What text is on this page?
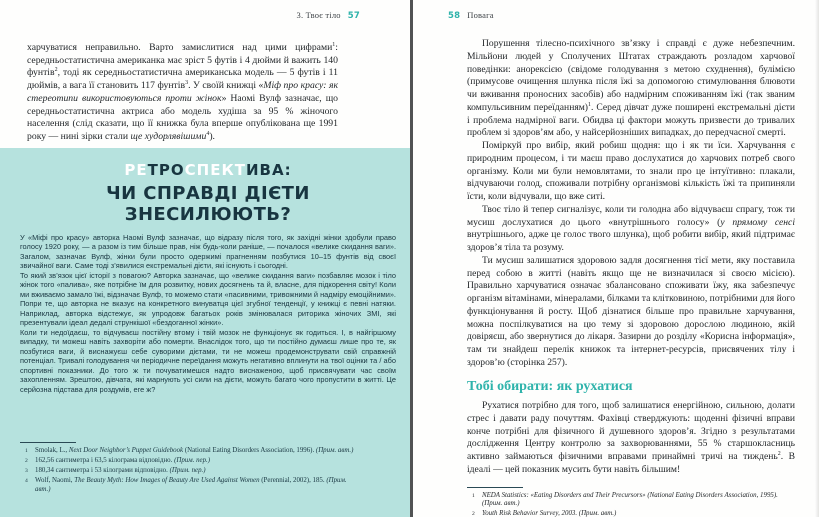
3. Твоє тіло 57
харчуватися неправильно. Варто замислитися над цими цифрами$^1$: середньостатистична американка має зріст 5 футів і 4 дюйми й важить 140 фунтів$^2$, тоді як середньостатистична американська модель — 5 футів і 11 дюймів, а вага її становить 117 фунтів$^3$. У своїй книжці «Міф про красу: як стереотипи використовуються проти жінок» Наомі Вулф зазначає, що середньостатистична актриса або модель худіша за 95 % жіночого населення (слід сказати, що її книжка була вперше опублікована ще 1991 року — нині зірки стали ще худорлявішими$^4$).
РЕТРОСПЕКТИВА:
ЧИ СПРАВДІ ДІЄТИ ЗНЕСИЛЮЮТЬ?

У «Міфі про красу» авторка Наомі Вулф зазначає, що відразу після того, як західні жінки здобули право голосу 1920 року, — а разом із тим більше прав, ніж будь-коли раніше, — почалося «велике скидання ваги». Загалом, зазначає Вулф, жінки були просто одержимі прагненням позбутися 10–15 фунтів від своєї звичайної ваги. Саме тоді з’явилися екстремальні дієти, які існують і сьогодні.

То який зв’язок цієї історії з повагою? Авторка зазначає, що «велике скидання ваги» позбавляє мозок і тіло жінок того «палива», яке потрібне їм для розвитку, нових досягнень та й, власне, для підкорення світу! Коли ми вживаємо замало їжі, відзначає Вулф, то можемо стати «пасивними, тривожними й надміру емоційними». Попри те, що авторка не вказує на конкретного винуватця цієї згубної тенденції, у книжці є певні натяки. Наприклад, авторка відстежує, як упродовж багатьох років змінювалася риторика жіночих ЗМІ, які презентували ідеал дедалі стрункішої «бездоганної жінки».

Коли ти недоїдаєш, то відчуваєш постійну втому і твій мозок не функціонує як годиться. І, в найгіршому випадку, ти можеш навіть захворіти або померти. Внаслідок того, що ти постійно думаєш лише про те, як позбутися ваги, й виснажуєш себе суворими дієтами, ти не можеш продемонструвати свій справжній потенціал. Тривалі голодування чи періодичне переїдання можуть негативно вплинути на твої оцінки та / або спортивні показники. До того ж ти почуватимешся надто виснаженою, щоб присвячувати час своїм захопленням. Зрештою, дівчата, які марнують усі сили на дієти, можуть багато чого пропустити в житті. Це серйозна підстава для роздумів, еге ж?

1	Smolak, L., Next Door Neighbor’s Puppet Guidebook (National Eating Disorders Association, 1996). (Прим. авт.)
2	162,56 сантиметра і 63,5 кілограма відповідно. (Прим. пер.)
3	180,34 сантиметра і 53 кілограми відповідно. (Прим. пер.)
4	Wolf, Naomi, The Beauty Myth: How Images of Beauty Are Used Against Women (Perennial, 2002), 185. (Прим. авт.)
58 Повага

Порушення тілесно-психічного зв’язку і справді є дуже небезпечним. Мільйони людей у Сполучених Штатах страждають розладом харчової поведінки: анорексією (свідоме голодування з метою схуднення), булімією (примусове очищення шлунка після їжі за допомогою стимулювання блювоти чи вживання проносних засобів) або надмірним споживанням їжі (так званим компульсивним переїданням)$^1$. Серед дівчат дуже поширені екстремальні дієти і проблема надмірної ваги. Обидва ці фактори можуть призвести до тривалих проблем зі здоров’ям або, у найсерйозніших випадках, до передчасної смерті.

Поміркуй про вибір, який робиш щодня: що і як ти їси. Харчування є природним процесом, і ти маєш право дослухатися до харчових потреб свого організму. Коли ми були немовлятами, то знали про це інтуїтивно: плакали, відчуваючи голод, споживали потрібну організмові кількість їжі та припиняли їсти, коли відчували, що вже ситі.

Твоє тіло й тепер сигналізує, коли ти голодна або відчуваєш спрагу, тож ти мусиш дослухатися до цього «внутрішнього голосу» (у прямому сенсі внутрішнього, адже це голос твого шлунка), щоб робити вибір, який підтримає здоров’я тіла та розуму.

Ти мусиш залишатися здоровою задля досягнення тієї мети, яку поставила перед собою в житті (навіть якщо ще не визначилася зі своєю місією). Правильно харчуватися означає збалансовано споживати їжу, яка забезпечує організм вітамінами, мінералами, білками та клітковиною, потрібними для його функціонування й росту. Щоб дізнатися більше про правильне харчування, можна поспілкуватися на цю тему зі здоровою дорослою людиною, якій довіряєш, або звернутися до лікаря. Зазирни до розділу «Корисна інформація», там ти знайдеш перелік книжок та інтернет-ресурсів, присвячених тілу і здоров’ю (сторінка 257).

Тобі обирати: як рухатися

Рухатися потрібно для того, щоб залишатися енергійною, сильною, долати стрес і давати раду почуттям. Фахівці стверджують: щоденні фізичні вправи конче потрібні для фізичного й душевного здоров’я. Згідно з результатами дослідження Центру контролю за захворюваннями, 55 % старшокласниць активно займаються фізичними вправами принаймні тричі на тиждень$^2$. В ідеалі — цей показник мусить бути навіть більшим!

1	NEDA Statistics: «Eating Disorders and Their Precursors» (National Eating Disorders Association, 1995). (Прим. авт.)
2	Youth Risk Behavior Survey, 2003. (Прим. авт.)
